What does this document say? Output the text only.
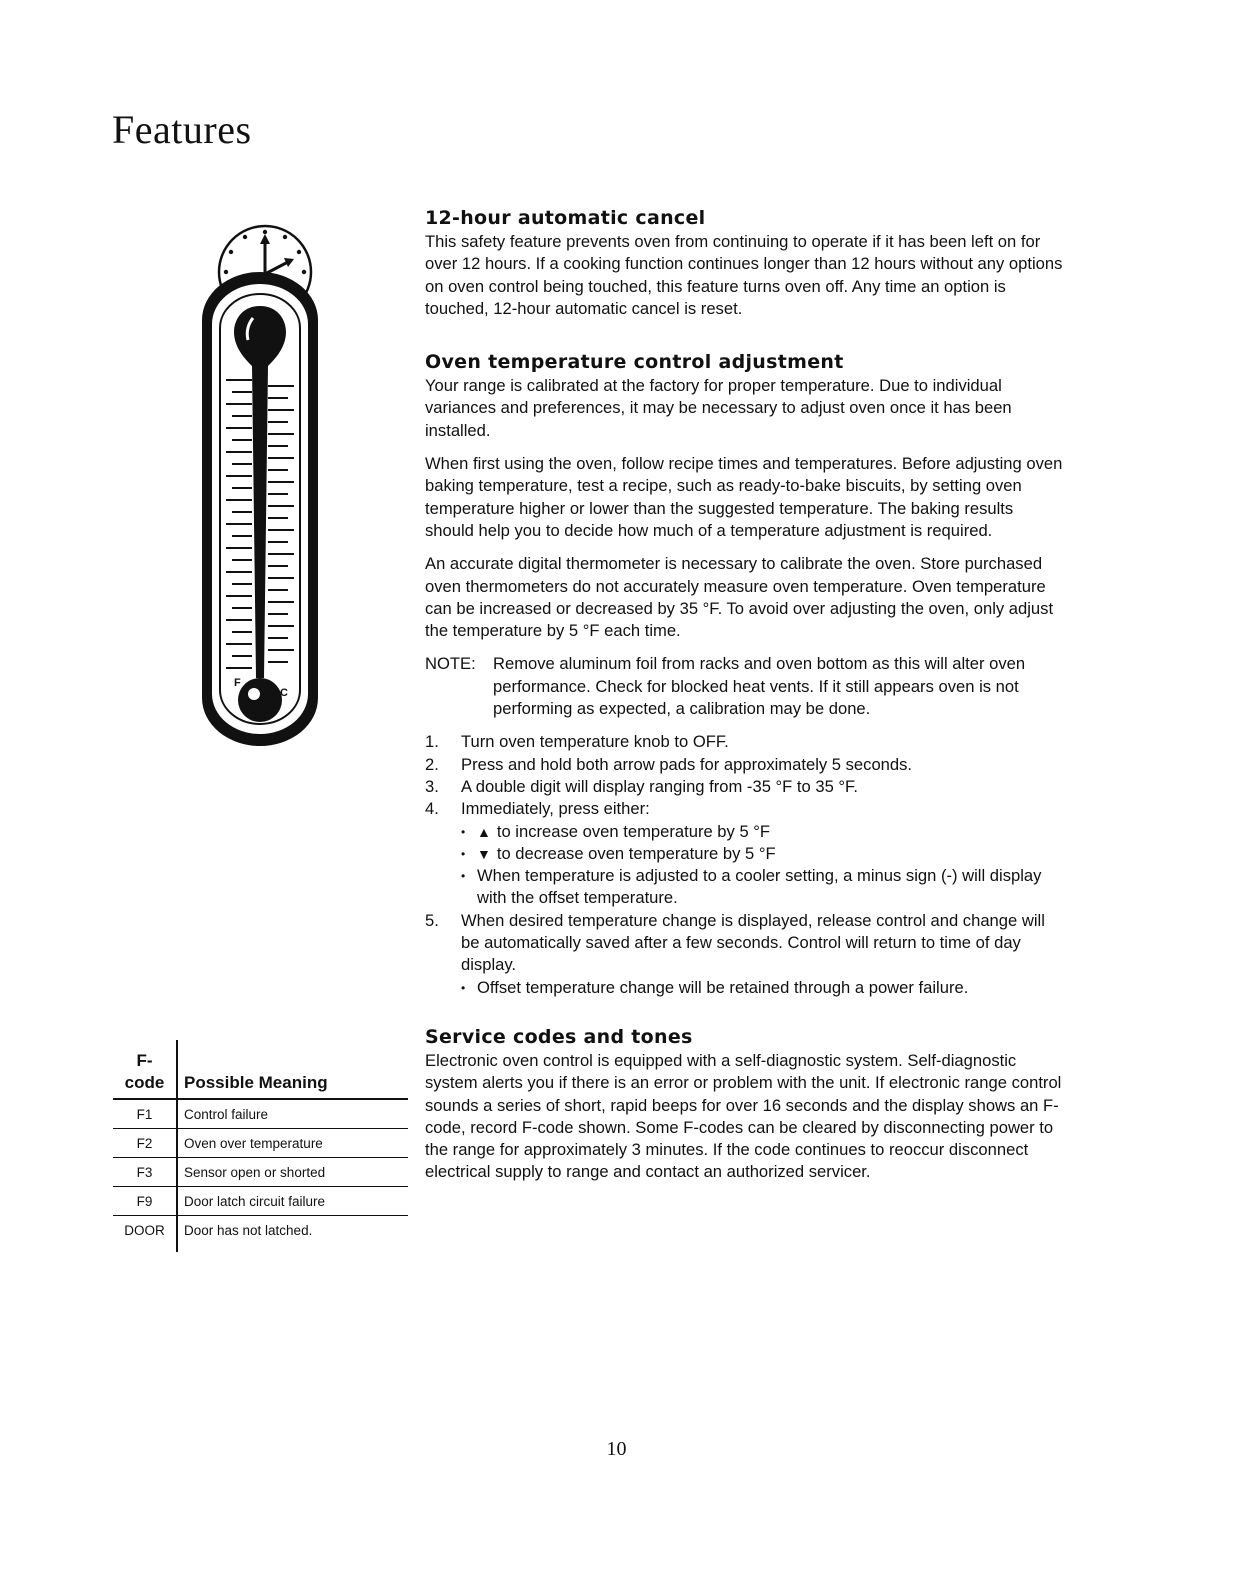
Features
F
C
12-hour automatic cancel

This safety feature prevents oven from continuing to operate if it has been left on for over 12 hours. If a cooking function continues longer than 12 hours without any options on oven control being touched, this feature turns oven off. Any time an option is touched, 12-hour automatic cancel is reset.

Oven temperature control adjustment

Your range is calibrated at the factory for proper temperature. Due to individual variances and preferences, it may be necessary to adjust oven once it has been installed.

When first using the oven, follow recipe times and temperatures. Before adjusting oven baking temperature, test a recipe, such as ready-to-bake biscuits, by setting oven temperature higher or lower than the suggested temperature. The baking results should help you to decide how much of a temperature adjustment is required.

An accurate digital thermometer is necessary to calibrate the oven. Store purchased oven thermometers do not accurately measure oven temperature. Oven temperature can be increased or decreased by 35 °F. To avoid over adjusting the oven, only adjust the temperature by 5 °F each time.

NOTE:	Remove aluminum foil from racks and oven bottom as this will alter oven performance. Check for blocked heat vents. If it still appears oven is not performing as expected, a calibration may be done.
1.	Turn oven temperature knob to OFF.
2.	Press and hold both arrow pads for approximately 5 seconds.
3.	A double digit will display ranging from -35 °F to 35 °F.
4.	Immediately, press either:
• ▲ to increase oven temperature by 5 °F
• ▼ to decrease oven temperature by 5 °F
• When temperature is adjusted to a cooler setting, a minus sign (-) will display with the offset temperature.
5.	When desired temperature change is displayed, release control and change will be automatically saved after a few seconds. Control will return to time of day display.
• Offset temperature change will be retained through a power failure.
Service codes and tones

Electronic oven control is equipped with a self-diagnostic system. Self-diagnostic system alerts you if there is an error or problem with the unit. If electronic range control sounds a series of short, rapid beeps for over 16 seconds and the display shows an F-code, record F-code shown. Some F-codes can be cleared by disconnecting power to the range for approximately 3 minutes. If the code continues to reoccur disconnect electrical supply to range and contact an authorized servicer.

F-
code	Possible Meaning
F1	Control failure
F2	Oven over temperature
F3	Sensor open or shorted
F9	Door latch circuit failure
DOOR	Door has not latched.
10
